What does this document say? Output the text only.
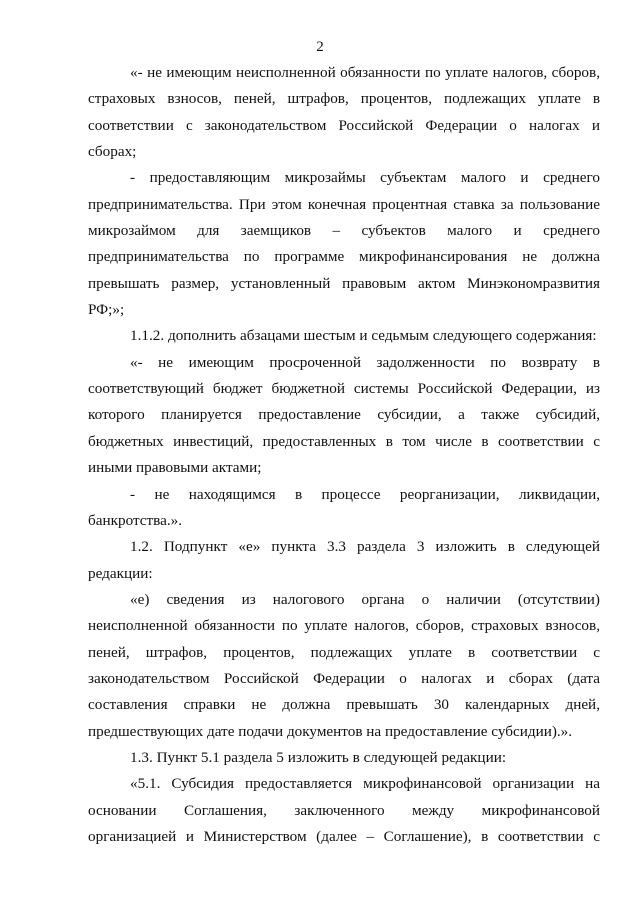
2
«- не имеющим неисполненной обязанности по уплате налогов, сборов,
страховых взносов, пеней, штрафов, процентов, подлежащих уплате в
соответствии с законодательством Российской Федерации о налогах и
сборах;
- предоставляющим микрозаймы субъектам малого и среднего
предпринимательства. При этом конечная процентная ставка за пользование
микрозаймом для заемщиков – субъектов малого и среднего
предпринимательства по программе микрофинансирования не должна
превышать размер, установленный правовым актом Минэкономразвития
РФ;»;
1.1.2. дополнить абзацами шестым и седьмым следующего содержания:
«- не имеющим просроченной задолженности по возврату в
соответствующий бюджет бюджетной системы Российской Федерации, из
которого планируется предоставление субсидии, а также субсидий,
бюджетных инвестиций, предоставленных в том числе в соответствии с
иными правовыми актами;
- не находящимся в процессе реорганизации, ликвидации,
банкротства.».
1.2. Подпункт «е» пункта 3.3 раздела 3 изложить в следующей
редакции:
«е) сведения из налогового органа о наличии (отсутствии)
неисполненной обязанности по уплате налогов, сборов, страховых взносов,
пеней, штрафов, процентов, подлежащих уплате в соответствии с
законодательством Российской Федерации о налогах и сборах (дата
составления справки не должна превышать 30 календарных дней,
предшествующих дате подачи документов на предоставление субсидии).».
1.3. Пункт 5.1 раздела 5 изложить в следующей редакции:
«5.1. Субсидия предоставляется микрофинансовой организации на
основании Соглашения, заключенного между микрофинансовой
организацией и Министерством (далее – Соглашение), в соответствии с
